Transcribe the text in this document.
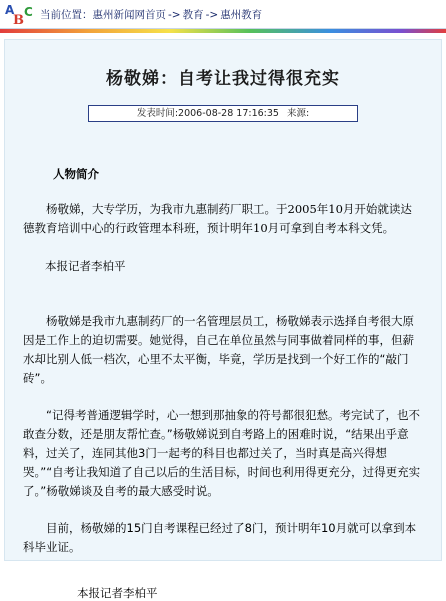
A
B
C 当前位置：惠州新闻网首页 -> 教育 -> 惠州教育
杨敬娣：自考让我过得很充实
发表时间:2006-08-28 17:16:35 来源:
人物简介
杨敬娣，大专学历，为我市九惠制药厂职工。于2005年10月开始就读达德教育培训中心的行政管理本科班，预计明年10月可拿到自考本科文凭。
本报记者李柏平
杨敬娣是我市九惠制药厂的一名管理层员工，杨敬娣表示选择自考很大原因是工作上的迫切需要。她觉得，自己在单位虽然与同事做着同样的事，但薪水却比别人低一档次，心里不太平衡，毕竟，学历是找到一个好工作的“敲门砖”。
“记得考普通逻辑学时，心一想到那抽象的符号都很犯愁。考完试了，也不敢查分数，还是朋友帮忙查。”杨敬娣说到自考路上的困难时说，“结果出乎意料，过关了，连同其他3门一起考的科目也都过关了，当时真是高兴得想哭。”“自考让我知道了自己以后的生活目标，时间也利用得更充分，过得更充实了。”杨敬娣谈及自考的最大感受时说。
目前，杨敬娣的15门自考课程已经过了8门，预计明年10月就可以拿到本科毕业证。
本报记者李柏平
